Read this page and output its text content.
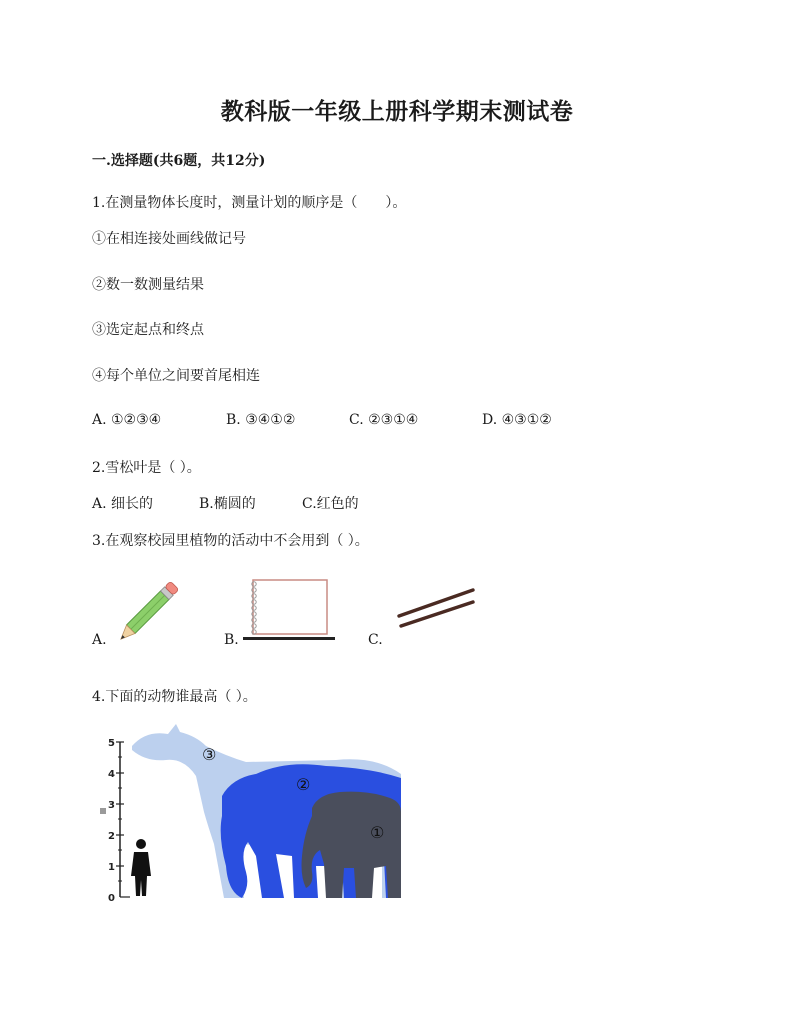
教科版一年级上册科学期末测试卷
一.选择题(共6题，共12分)
1.在测量物体长度时，测量计划的顺序是（　　）。
①在相连接处画线做记号
②数一数测量结果
③选定起点和终点
④每个单位之间要首尾相连
A. ①②③④	B. ③④①②	C. ②③①④	D. ④③①②
2.雪松叶是（ ）。
A. 细长的	B.椭圆的	C.红色的
3.在观察校园里植物的活动中不会用到（ ）。
A.	B.	C.
4.下面的动物谁最高（ ）。
0
1
2
3
4
5
③
②
①
